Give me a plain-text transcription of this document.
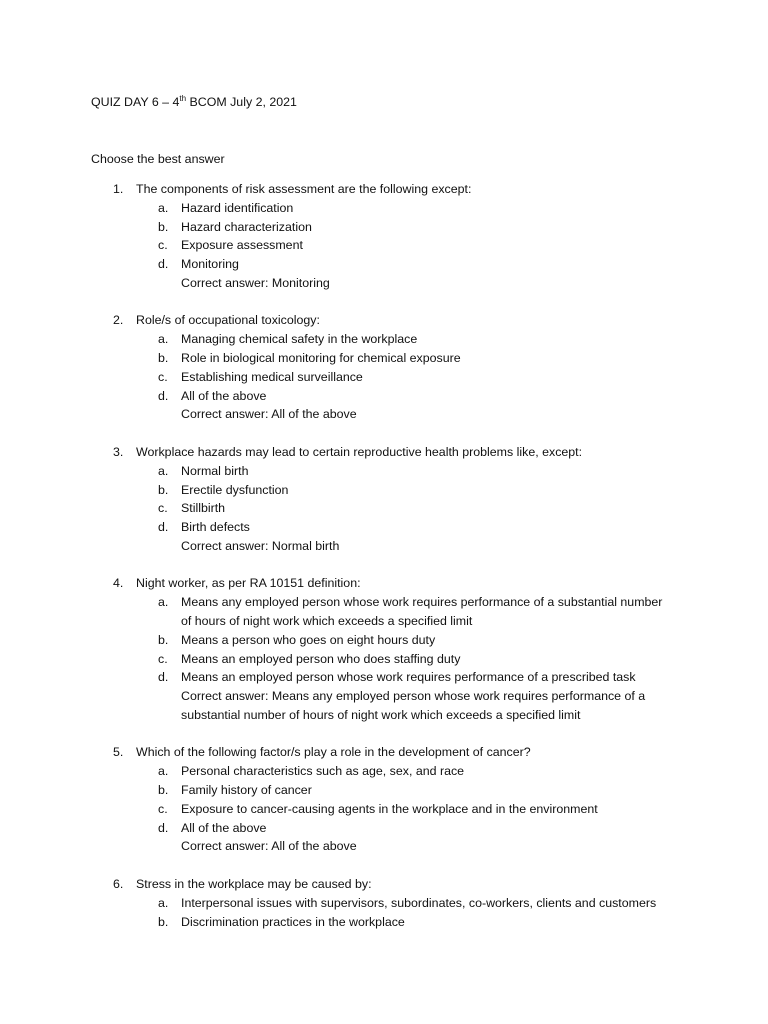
QUIZ DAY 6 – 4th BCOM July 2, 2021
Choose the best answer
1. The components of risk assessment are the following except:
a. Hazard identification
b. Hazard characterization
c. Exposure assessment
d. Monitoring
Correct answer: Monitoring
2. Role/s of occupational toxicology:
a. Managing chemical safety in the workplace
b. Role in biological monitoring for chemical exposure
c. Establishing medical surveillance
d. All of the above
Correct answer: All of the above
3. Workplace hazards may lead to certain reproductive health problems like, except:
a. Normal birth
b. Erectile dysfunction
c. Stillbirth
d. Birth defects
Correct answer: Normal birth
4. Night worker, as per RA 10151 definition:
a. Means any employed person whose work requires performance of a substantial number
of hours of night work which exceeds a specified limit
b. Means a person who goes on eight hours duty
c. Means an employed person who does staffing duty
d. Means an employed person whose work requires performance of a prescribed task
Correct answer: Means any employed person whose work requires performance of a
substantial number of hours of night work which exceeds a specified limit
5. Which of the following factor/s play a role in the development of cancer?
a. Personal characteristics such as age, sex, and race
b. Family history of cancer
c. Exposure to cancer-causing agents in the workplace and in the environment
d. All of the above
Correct answer: All of the above
6. Stress in the workplace may be caused by:
a. Interpersonal issues with supervisors, subordinates, co-workers, clients and customers
b. Discrimination practices in the workplace
